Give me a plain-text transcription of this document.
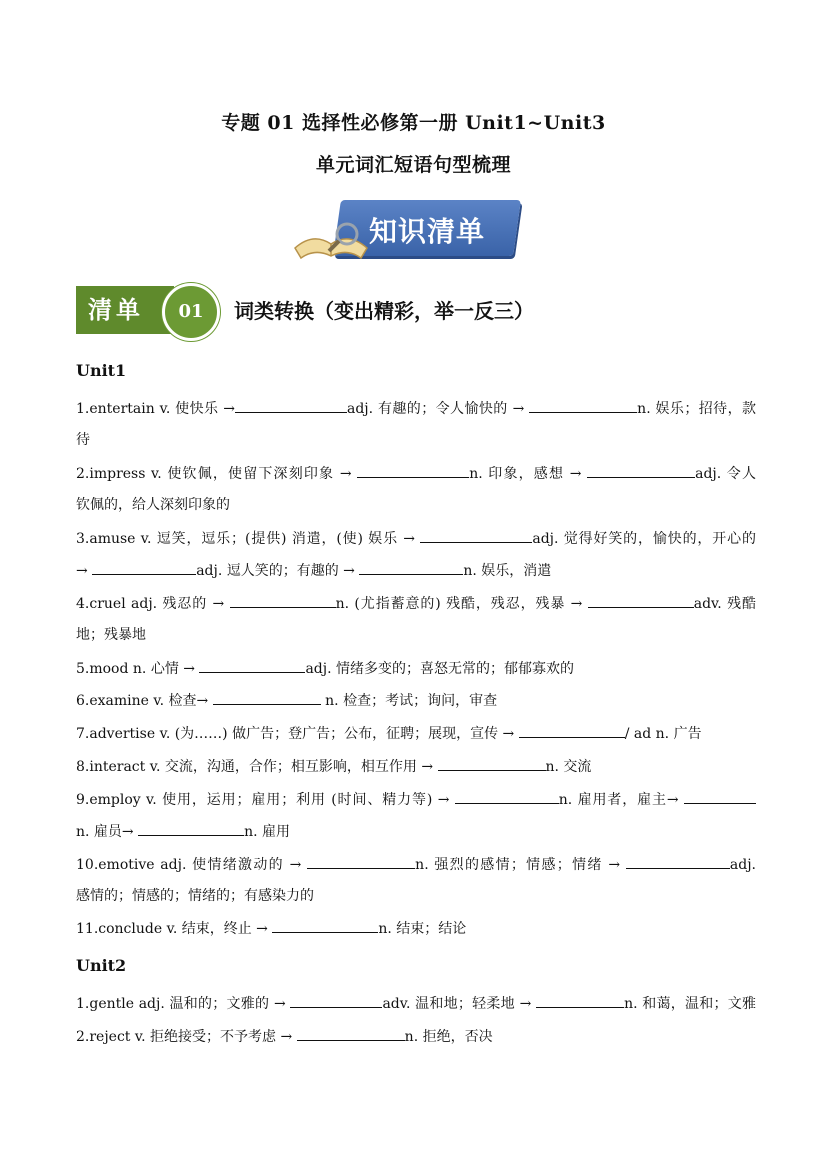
专题 01 选择性必修第一册 Unit1~Unit3
单元词汇短语句型梳理
知识清单
清单	01	词类转换（变出精彩，举一反三）
Unit1
1.entertain v. 使快乐 →	adj. 有趣的；令人愉快的 →	n. 娱乐；招待，款
待
2.impress v. 使钦佩，使留下深刻印象 →	n. 印象，感想 →	adj. 令人
钦佩的，给人深刻印象的
3.amuse v. 逗笑，逗乐；(提供) 消遣，(使) 娱乐 →	adj. 觉得好笑的，愉快的，开心的
→	adj. 逗人笑的；有趣的 →	n. 娱乐，消遣
4.cruel adj. 残忍的 →	n. (尤指蓄意的) 残酷，残忍，残暴 →	adv. 残酷
地；残暴地
5.mood n. 心情 →	adj. 情绪多变的；喜怒无常的；郁郁寡欢的
6.examine v. 检查→	n. 检查；考试；询问，审查
7.advertise v. (为……) 做广告；登广告；公布，征聘；展现，宣传 →	/ ad n. 广告
8.interact v. 交流，沟通，合作；相互影响，相互作用 →	n. 交流
9.employ v. 使用，运用；雇用；利用 (时间、精力等) →	n. 雇用者，雇主→
n. 雇员→	n. 雇用
10.emotive adj. 使情绪激动的 →	n. 强烈的感情；情感；情绪 →	adj.
感情的；情感的；情绪的；有感染力的
11.conclude v. 结束，终止 →	n. 结束；结论
Unit2
1.gentle adj. 温和的；文雅的 →	adv. 温和地；轻柔地 →	n. 和蔼，温和；文雅
2.reject v. 拒绝接受；不予考虑 →	n. 拒绝，否决
